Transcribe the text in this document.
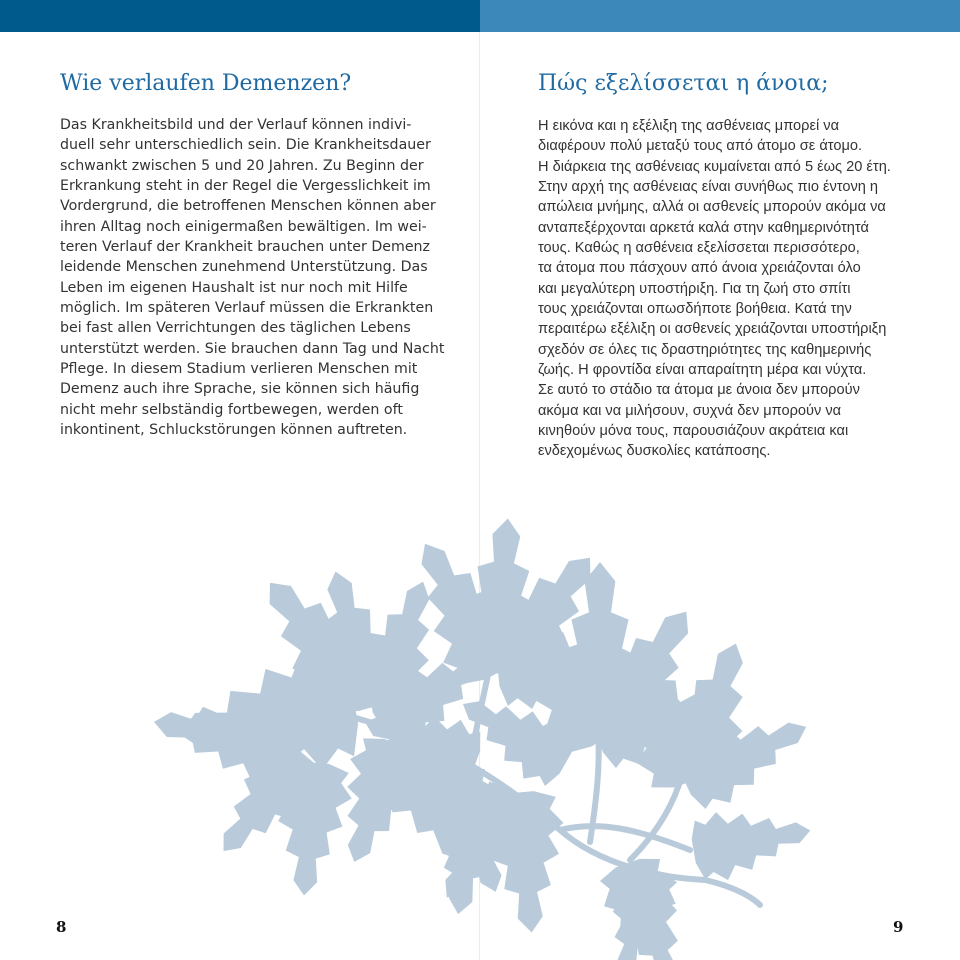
Wie verlaufen Demenzen?
Das Krankheitsbild und der Verlauf können indivi-
duell sehr unterschiedlich sein. Die Krankheitsdauer
schwankt zwischen 5 und 20 Jahren. Zu Beginn der
Erkrankung steht in der Regel die Vergesslichkeit im
Vordergrund, die betroffenen Menschen können aber
ihren Alltag noch einigermaßen bewältigen. Im wei-
teren Verlauf der Krankheit brauchen unter Demenz
leidende Menschen zunehmend Unterstützung. Das
Leben im eigenen Haushalt ist nur noch mit Hilfe
möglich. Im späteren Verlauf müssen die Erkrankten
bei fast allen Verrichtungen des täglichen Lebens
unterstützt werden. Sie brauchen dann Tag und Nacht
Pflege. In diesem Stadium verlieren Menschen mit
Demenz auch ihre Sprache, sie können sich häufig
nicht mehr selbständig fortbewegen, werden oft
inkontinent, Schluckstörungen können auftreten.
Πώς εξελίσσεται η άνοια;
Η εικόνα και η εξέλιξη της ασθένειας μπορεί να
διαφέρουν πολύ μεταξύ τους από άτομο σε άτομο.
Η διάρκεια της ασθένειας κυμαίνεται από 5 έως 20 έτη.
Στην αρχή της ασθένειας είναι συνήθως πιο έντονη η
απώλεια μνήμης, αλλά οι ασθενείς μπορούν ακόμα να
ανταπεξέρχονται αρκετά καλά στην καθημερινότητά
τους. Καθώς η ασθένεια εξελίσσεται περισσότερο,
τα άτομα που πάσχουν από άνοια χρειάζονται όλο
και μεγαλύτερη υποστήριξη. Για τη ζωή στο σπίτι
τους χρειάζονται οπωσδήποτε βοήθεια. Κατά την
περαιτέρω εξέλιξη οι ασθενείς χρειάζονται υποστήριξη
σχεδόν σε όλες τις δραστηριότητες της καθημερινής
ζωής. Η φροντίδα είναι απαραίτητη μέρα και νύχτα.
Σε αυτό το στάδιο τα άτομα με άνοια δεν μπορούν
ακόμα και να μιλήσουν, συχνά δεν μπορούν να
κινηθούν μόνα τους, παρουσιάζουν ακράτεια και
ενδεχομένως δυσκολίες κατάποσης.
8	9
